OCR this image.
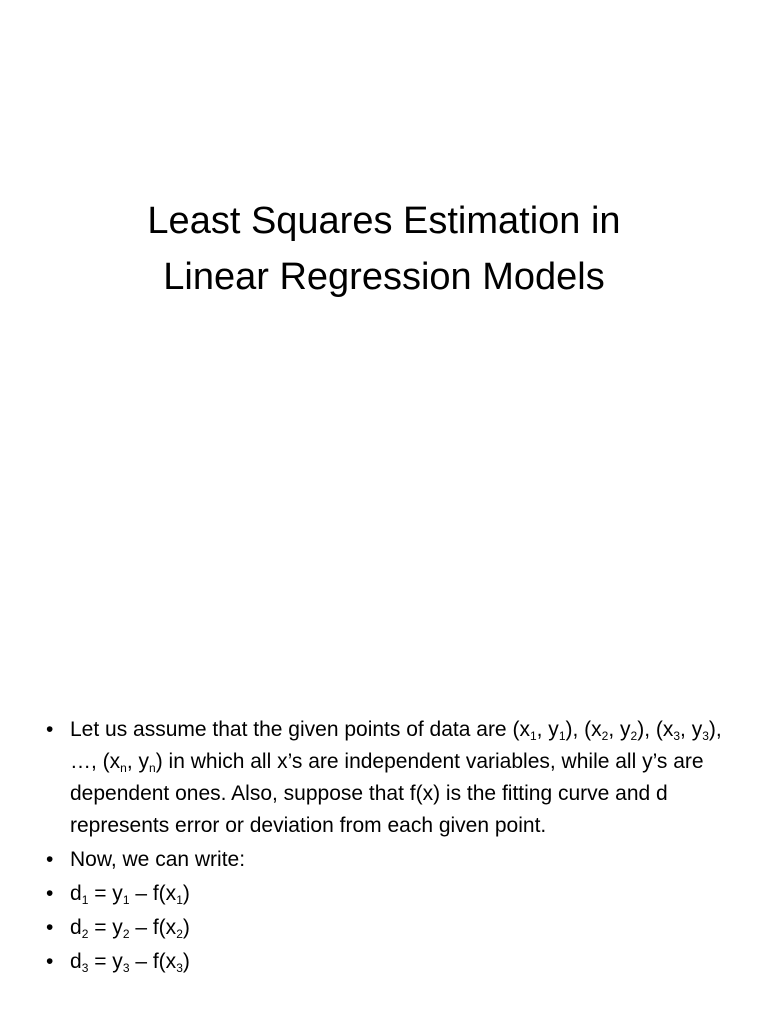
Least Squares Estimation in
Linear Regression Models
• Let us assume that the given points of data are ($x_1$, $y_1$), ($x_2$, $y_2$), ($x_3$, $y_3$), …, ($x_n$, $y_n$) in which all x’s are independent variables, while all y’s are dependent ones. Also, suppose that f(x) is the fitting curve and d represents error or deviation from each given point.
• Now, we can write:
• $d_1 = y_1 - f(x_1)$
• $d_2 = y_2 - f(x_2)$
• $d_3 = y_3 - f(x_3)$
